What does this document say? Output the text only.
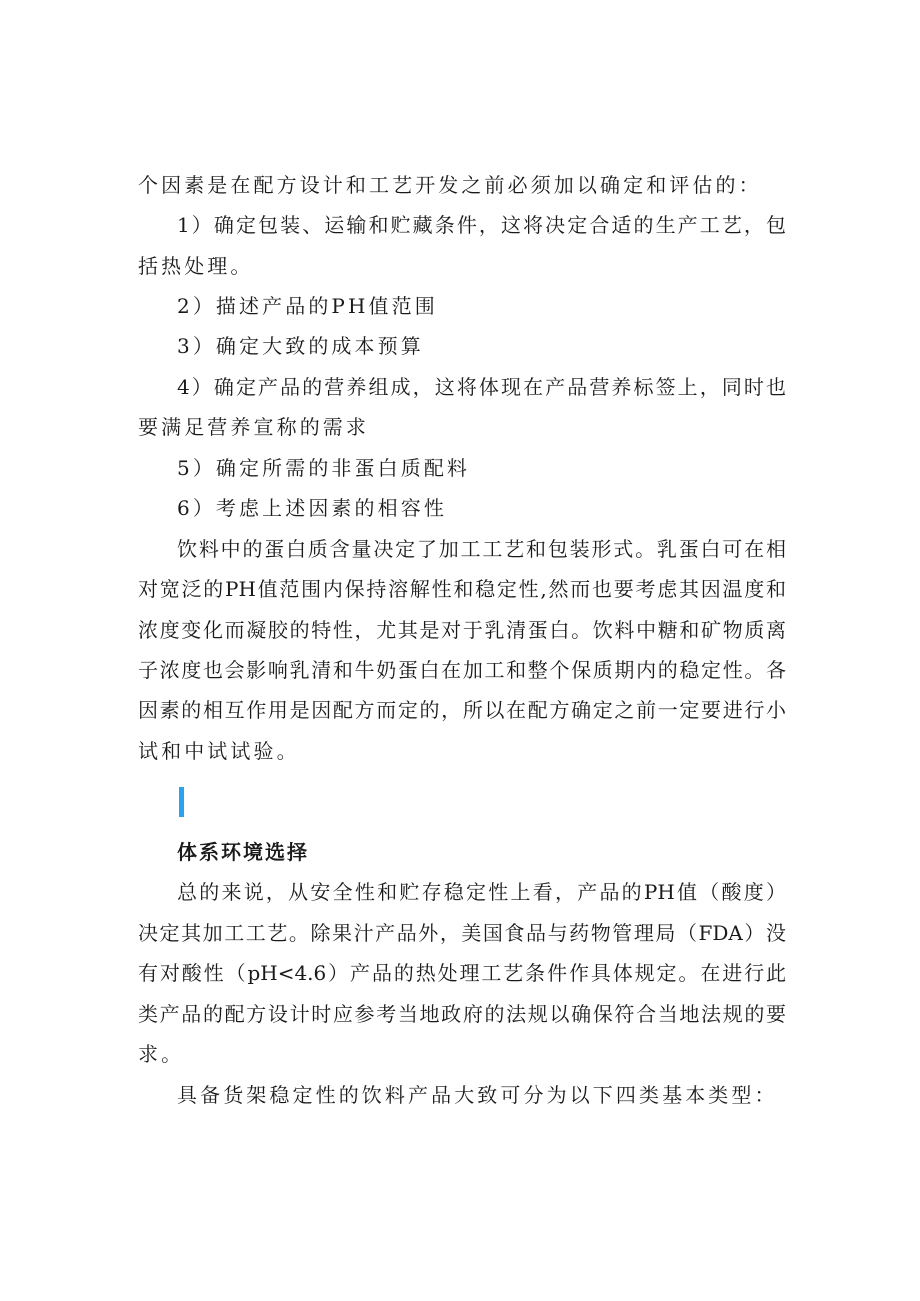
个因素是在配方设计和工艺开发之前必须加以确定和评估的：
1）确定包装、运输和贮藏条件，这将决定合适的生产工艺，包
括热处理。
2）描述产品的PH值范围
3）确定大致的成本预算
4）确定产品的营养组成，这将体现在产品营养标签上，同时也
要满足营养宣称的需求
5）确定所需的非蛋白质配料
6）考虑上述因素的相容性
饮料中的蛋白质含量决定了加工工艺和包装形式。乳蛋白可在相
对宽泛的PH值范围内保持溶解性和稳定性,然而也要考虑其因温度和
浓度变化而凝胶的特性，尤其是对于乳清蛋白。饮料中糖和矿物质离
子浓度也会影响乳清和牛奶蛋白在加工和整个保质期内的稳定性。各
因素的相互作用是因配方而定的，所以在配方确定之前一定要进行小
试和中试试验。
体系环境选择
总的来说，从安全性和贮存稳定性上看，产品的PH值（酸度）
决定其加工工艺。除果汁产品外，美国食品与药物管理局（FDA）没
有对酸性（pH<4.6）产品的热处理工艺条件作具体规定。在进行此
类产品的配方设计时应参考当地政府的法规以确保符合当地法规的要
求。
具备货架稳定性的饮料产品大致可分为以下四类基本类型：
